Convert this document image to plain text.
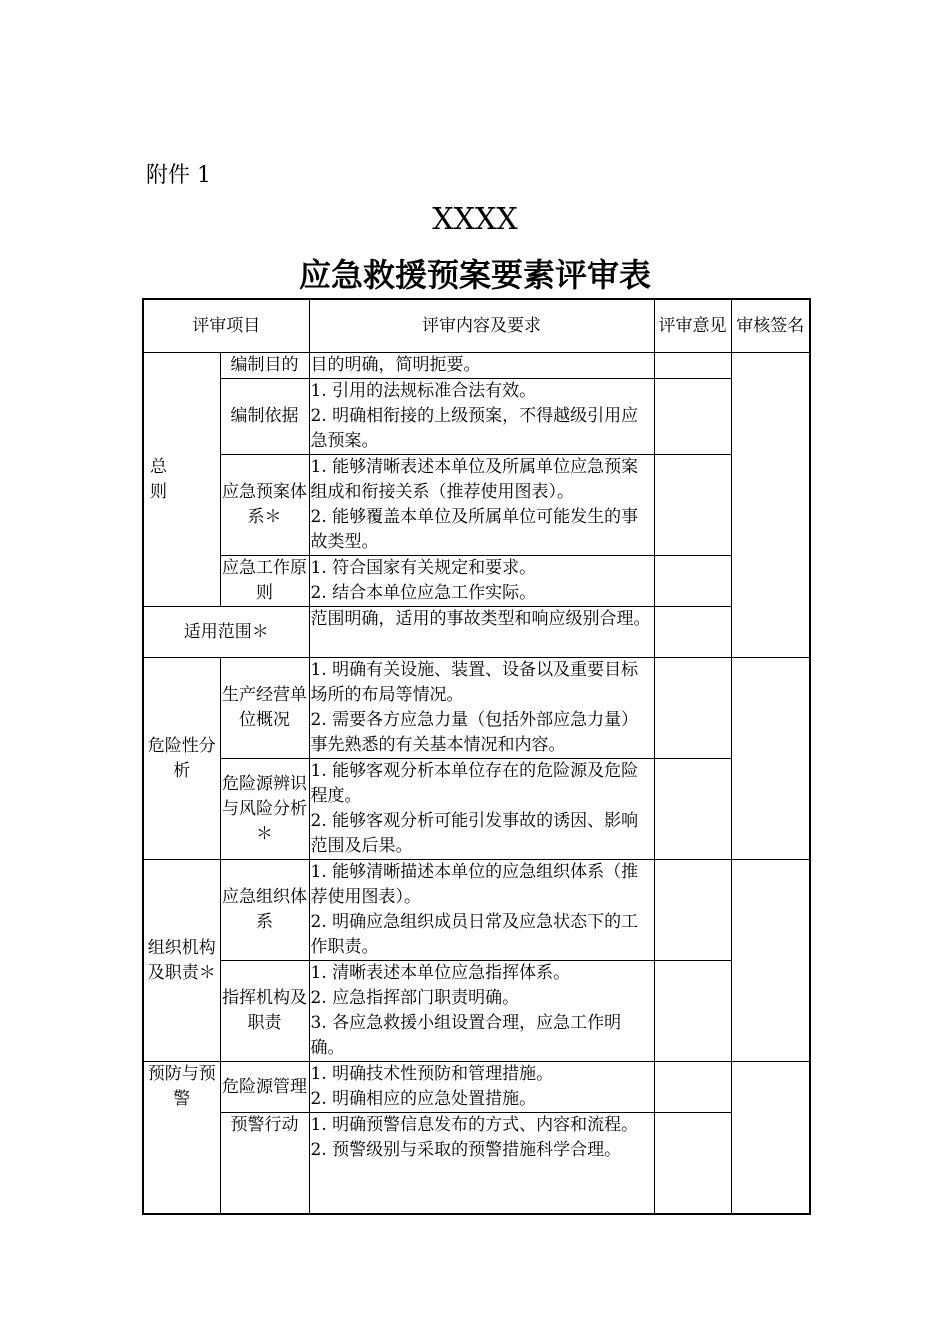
附件 1
XXXX
应急救援预案要素评审表
评审项目		评审内容及要求	评审意见	审核签名
总 则	编制目的	目的明确，简明扼要。		

	编制依据	1. 引用的法规标准合法有效。
2. 明确相衔接的上级预案，不得越级引用应急预案。		

	应急预案体系＊	1. 能够清晰表述本单位及所属单位应急预案组成和衔接关系（推荐使用图表）。
2. 能够覆盖本单位及所属单位可能发生的事故类型。		

	应急工作原则	1. 符合国家有关规定和要求。
2. 结合本单位应急工作实际。		

适用范围＊		范围明确，适用的事故类型和响应级别合理。		

危险性分析	生产经营单位概况	1. 明确有关设施、装置、设备以及重要目标场所的布局等情况。
2. 需要各方应急力量（包括外部应急力量）事先熟悉的有关基本情况和内容。		

	危险源辨识与风险分析＊	1. 能够客观分析本单位存在的危险源及危险程度。
2. 能够客观分析可能引发事故的诱因、影响范围及后果。		

组织机构及职责＊	应急组织体系	1. 能够清晰描述本单位的应急组织体系（推荐使用图表）。
2. 明确应急组织成员日常及应急状态下的工作职责。		

	指挥机构及职责	1. 清晰表述本单位应急指挥体系。
2. 应急指挥部门职责明确。
3. 各应急救援小组设置合理，应急工作明确。		

预防与预警	危险源管理	1. 明确技术性预防和管理措施。
2. 明确相应的应急处置措施。		

	预警行动	1. 明确预警信息发布的方式、内容和流程。
2. 预警级别与采取的预警措施科学合理。		
